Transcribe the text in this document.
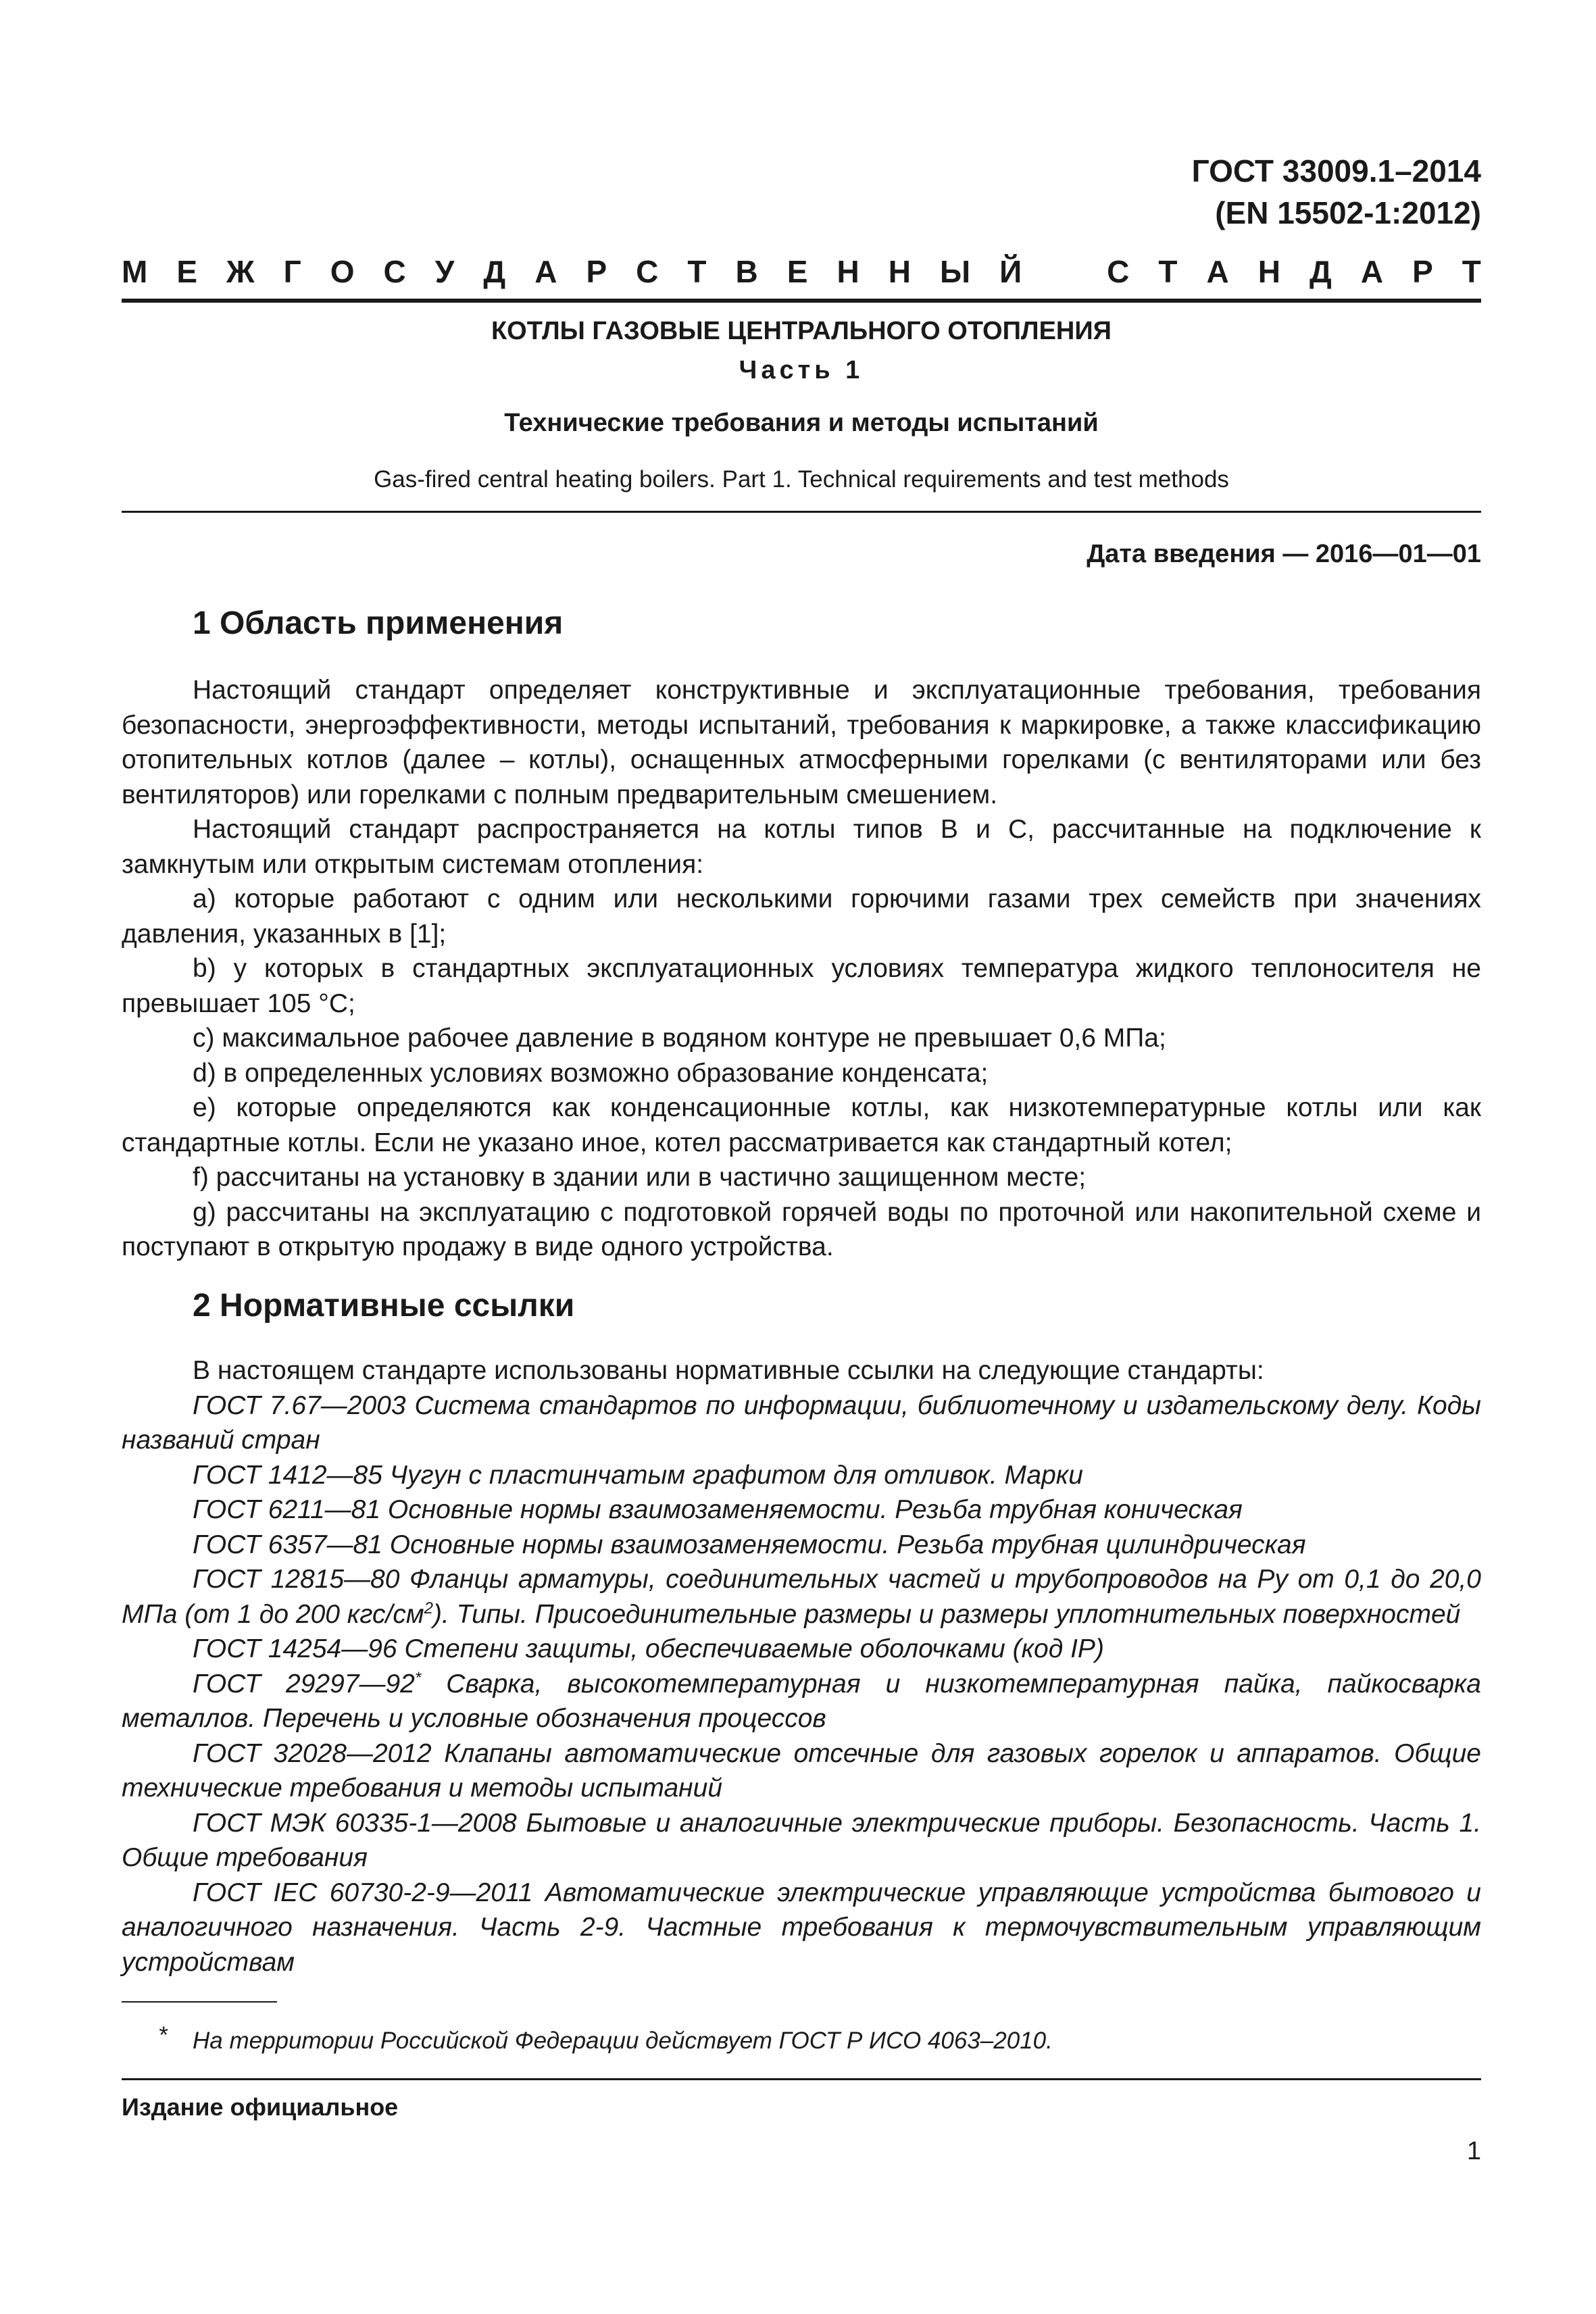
ГОСТ 33009.1–2014
(EN 15502-1:2012)
М Е Ж Г О С У Д А Р С Т В Е Н Н Ы Й	С Т А Н Д А Р Т
КОТЛЫ ГАЗОВЫЕ ЦЕНТРАЛЬНОГО ОТОПЛЕНИЯ
Часть 1
Технические требования и методы испытаний
Gas-fired central heating boilers. Part 1. Technical requirements and test methods
Дата введения — 2016—01—01
1 Область применения

Настоящий стандарт определяет конструктивные и эксплуатационные требования, требования безопасности, энергоэффективности, методы испытаний, требования к маркировке, а также классификацию отопительных котлов (далее – котлы), оснащенных атмосферными горелками (с вентиляторами или без вентиляторов) или горелками с полным предварительным смешением.

Настоящий стандарт распространяется на котлы типов B и C, рассчитанные на подключение к замкнутым или открытым системам отопления:

a) которые работают с одним или несколькими горючими газами трех семейств при значениях давления, указанных в [1];

b) у которых в стандартных эксплуатационных условиях температура жидкого теплоносителя не превышает 105 °C;

c) максимальное рабочее давление в водяном контуре не превышает 0,6 МПа;

d) в определенных условиях возможно образование конденсата;

e) которые определяются как конденсационные котлы, как низкотемпературные котлы или как стандартные котлы. Если не указано иное, котел рассматривается как стандартный котел;

f) рассчитаны на установку в здании или в частично защищенном месте;

g) рассчитаны на эксплуатацию с подготовкой горячей воды по проточной или накопительной схеме и поступают в открытую продажу в виде одного устройства.

2 Нормативные ссылки

В настоящем стандарте использованы нормативные ссылки на следующие стандарты:

ГОСТ 7.67—2003 Система стандартов по информации, библиотечному и издательскому делу. Коды названий стран

ГОСТ 1412—85 Чугун с пластинчатым графитом для отливок. Марки

ГОСТ 6211—81 Основные нормы взаимозаменяемости. Резьба трубная коническая

ГОСТ 6357—81 Основные нормы взаимозаменяемости. Резьба трубная цилиндрическая

ГОСТ 12815—80 Фланцы арматуры, соединительных частей и трубопроводов на Ру от 0,1 до 20,0 МПа (от 1 до 200 кгс/$см^2$). Типы. Присоединительные размеры и размеры уплотнительных поверхностей

ГОСТ 14254—96 Степени защиты, обеспечиваемые оболочками (код IP)

ГОСТ 29297—92* Сварка, высокотемпературная и низкотемпературная пайка, пайкосварка металлов. Перечень и условные обозначения процессов

ГОСТ 32028—2012 Клапаны автоматические отсечные для газовых горелок и аппаратов. Общие технические требования и методы испытаний

ГОСТ МЭК 60335-1—2008 Бытовые и аналогичные электрические приборы. Безопасность. Часть 1. Общие требования

ГОСТ IEC 60730-2-9—2011 Автоматические электрические управляющие устройства бытового и аналогичного назначения. Часть 2-9. Частные требования к термочувствительным управляющим устройствам

* На территории Российской Федерации действует ГОСТ Р ИСО 4063–2010.
Издание официальное
1
